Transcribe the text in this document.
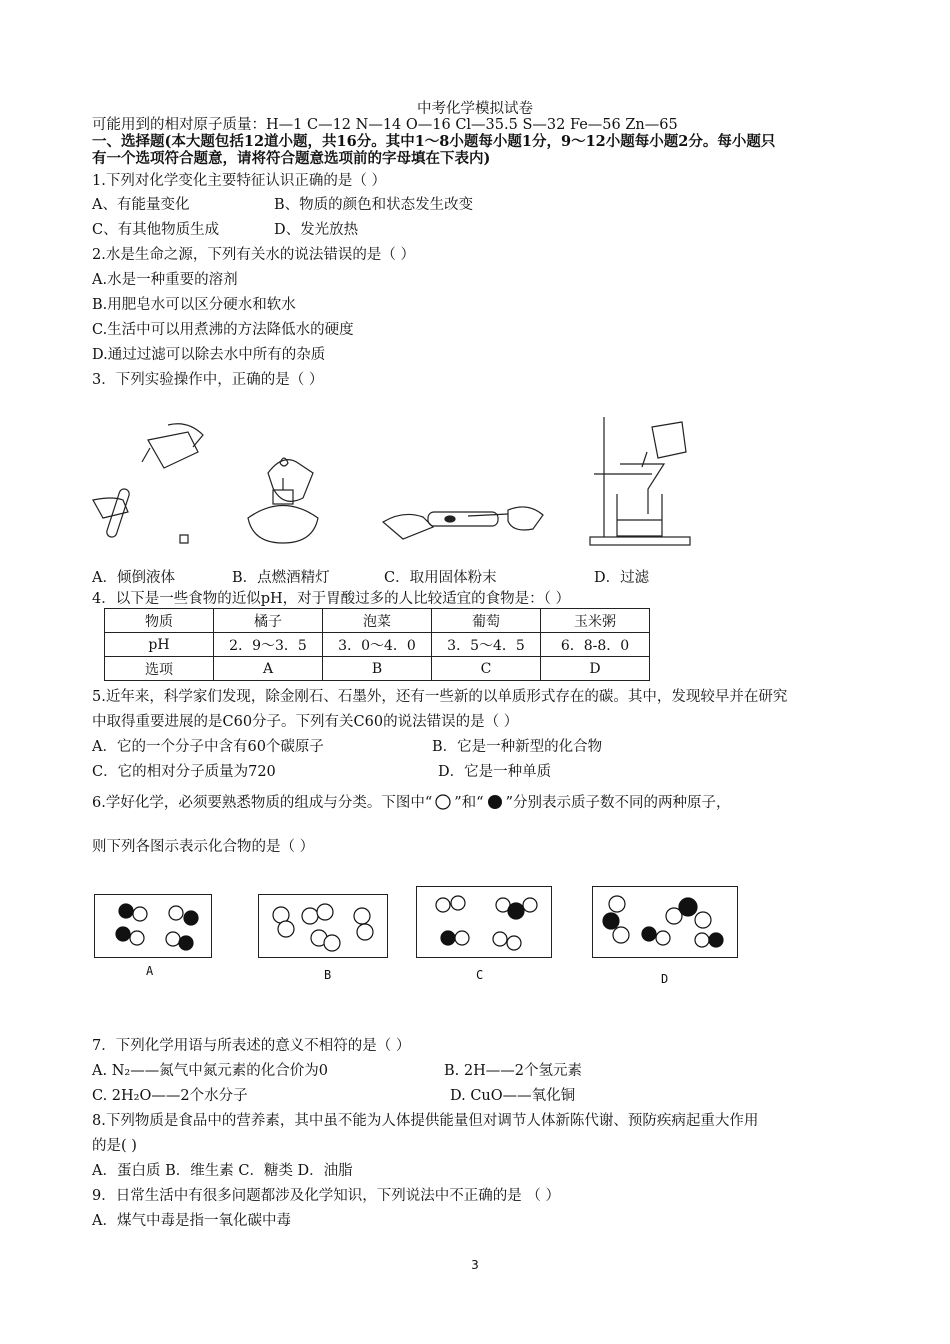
中考化学模拟试卷
可能用到的相对原子质量：H—1 C—12 N—14 O—16 Cl—35.5 S—32 Fe—56 Zn—65
一、选择题(本大题包括12道小题，共16分。其中1～8小题每小题1分，9～12小题每小题2分。每小题只
有一个选项符合题意，请将符合题意选项前的字母填在下表内)
1.下列对化学变化主要特征认识正确的是（ ）
A、有能量变化	B、物质的颜色和状态发生改变
C、有其他物质生成	D、发光放热
2.水是生命之源，下列有关水的说法错误的是（ ）
A.水是一种重要的溶剂
B.用肥皂水可以区分硬水和软水
C.生活中可以用煮沸的方法降低水的硬度
D.通过过滤可以除去水中所有的杂质
3．下列实验操作中，正确的是（ ）
A．倾倒液体	B．点燃酒精灯	C．取用固体粉末	D．过滤
4．以下是一些食物的近似pH，对于胃酸过多的人比较适宜的食物是：（ ）
物质	橘子	泡菜	葡萄	玉米粥
pH	2．9～3．5	3．0～4．0	3．5～4．5	6．8-8．0
选项	A	B	C	D
5.近年来，科学家们发现，除金刚石、石墨外，还有一些新的以单质形式存在的碳。其中，发现较早并在研究
中取得重要进展的是C60分子。下列有关C60的说法错误的是（ ）
A．它的一个分子中含有60个碳原子	B．它是一种新型的化合物
C．它的相对分子质量为720	D．它是一种单质
6.学好化学，必须要熟悉物质的组成与分类。下图中“ ”和“ ”分别表示质子数不同的两种原子，
则下列各图示表示化合物的是（ ）
A	B	C	D
7．下列化学用语与所表述的意义不相符的是（ ）
A. N₂——氮气中氮元素的化合价为0	B. 2H——2个氢元素
C. 2H₂O——2个水分子	D. CuO——氧化铜
8.下列物质是食品中的营养素，其中虽不能为人体提供能量但对调节人体新陈代谢、预防疾病起重大作用
的是( )
A．蛋白质 B．维生素 C．糖类 D．油脂
9．日常生活中有很多问题都涉及化学知识，下列说法中不正确的是 （ ）
A．煤气中毒是指一氧化碳中毒
3
